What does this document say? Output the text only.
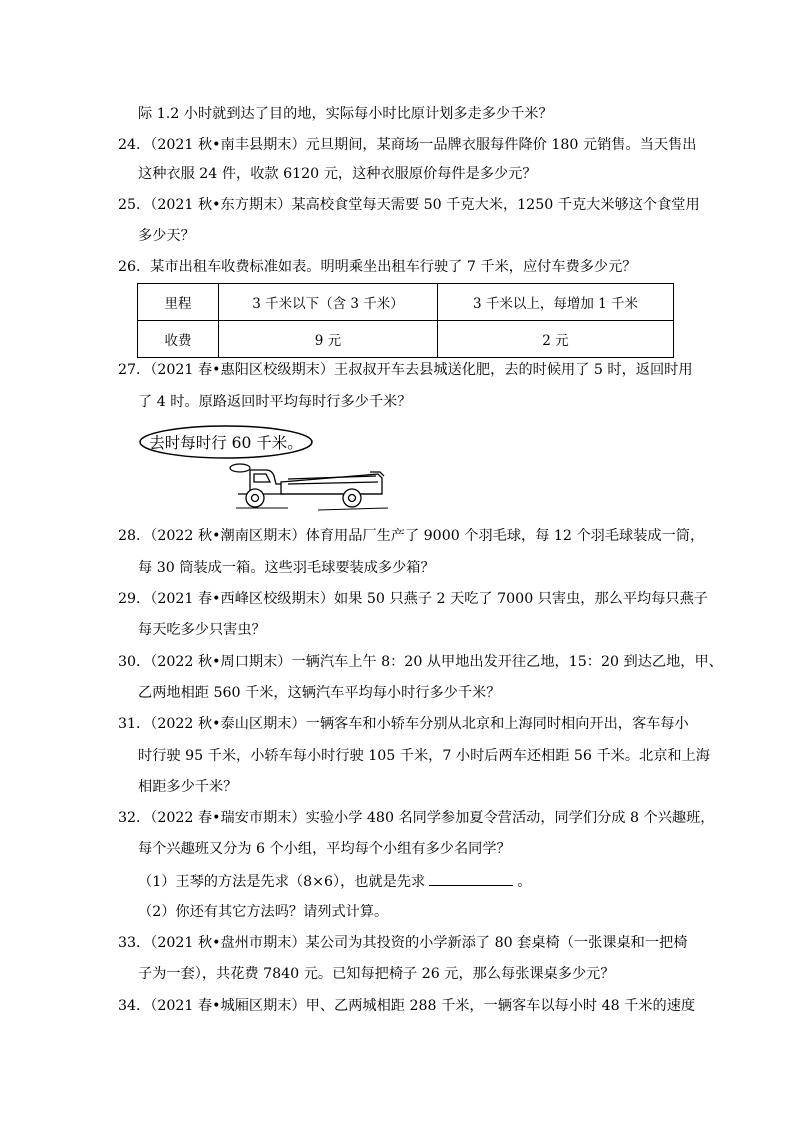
际 1.2 小时就到达了目的地，实际每小时比原计划多走多少千米？
24．（2021 秋•南丰县期末）元旦期间，某商场一品牌衣服每件降价 180 元销售。当天售出
这种衣服 24 件，收款 6120 元，这种衣服原价每件是多少元？
25．（2021 秋•东方期末）某高校食堂每天需要 50 千克大米，1250 千克大米够这个食堂用
多少天？
26．某市出租车收费标准如表。明明乘坐出租车行驶了 7 千米，应付车费多少元？
里程	3 千米以下（含 3 千米）	3 千米以上，每增加 1 千米
收费	9 元	2 元
27．（2021 春•惠阳区校级期末）王叔叔开车去县城送化肥，去的时候用了 5 时，返回时用
了 4 时。原路返回时平均每时行多少千米？
去时每时行 60 千米。
28．（2022 秋•潮南区期末）体育用品厂生产了 9000 个羽毛球，每 12 个羽毛球装成一筒，
每 30 筒装成一箱。这些羽毛球要装成多少箱？
29．（2021 春•西峰区校级期末）如果 50 只燕子 2 天吃了 7000 只害虫，那么平均每只燕子
每天吃多少只害虫？
30．（2022 秋•周口期末）一辆汽车上午 8：20 从甲地出发开往乙地，15：20 到达乙地，甲、
乙两地相距 560 千米，这辆汽车平均每小时行多少千米？
31．（2022 秋•泰山区期末）一辆客车和小轿车分别从北京和上海同时相向开出，客车每小
时行驶 95 千米，小轿车每小时行驶 105 千米，7 小时后两车还相距 56 千米。北京和上海
相距多少千米？
32．（2022 春•瑞安市期末）实验小学 480 名同学参加夏令营活动，同学们分成 8 个兴趣班，
每个兴趣班又分为 6 个小组，平均每个小组有多少名同学？
（1）王琴的方法是先求（8×6），也就是先求	。
（2）你还有其它方法吗？请列式计算。
33．（2021 秋•盘州市期末）某公司为其投资的小学新添了 80 套桌椅（一张课桌和一把椅
子为一套），共花费 7840 元。已知每把椅子 26 元，那么每张课桌多少元？
34．（2021 春•城厢区期末）甲、乙两城相距 288 千米，一辆客车以每小时 48 千米的速度
